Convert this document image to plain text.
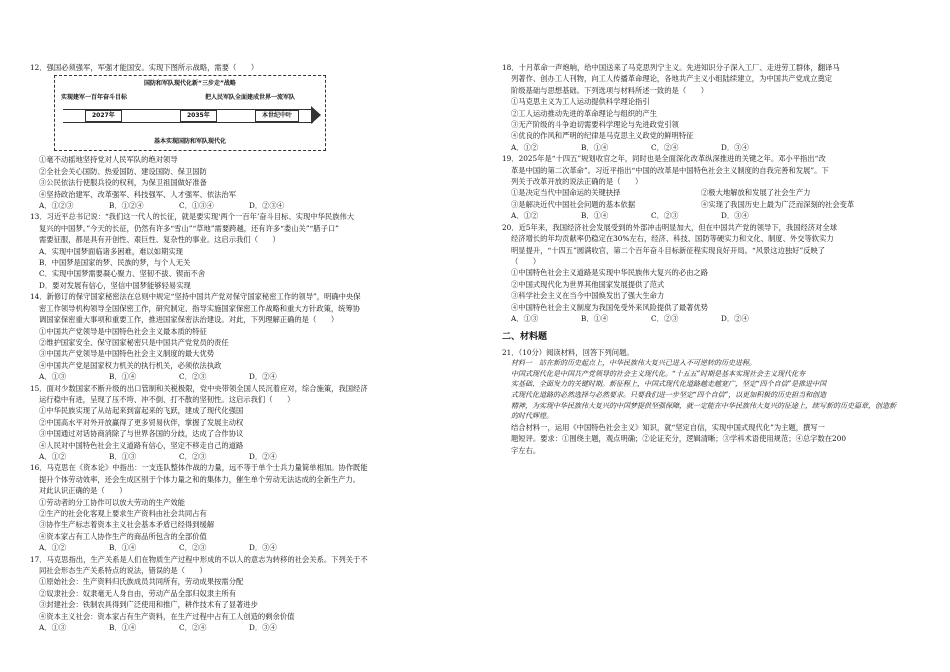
12．强国必须强军，军强才能国安。实现下图所示战略，需要（　　）
国防和军队现代化新“三步走”战略
实现建军一百年奋斗目标	把人民军队全面建成世界一流军队
2027年	2035年	本世纪中叶
基本实现国防和军队现代化
①毫不动摇地坚持党对人民军队的绝对领导
②全社会关心国防、热爱国防、建设国防、保卫国防
③公民依法行使服兵役的权利，为保卫祖国做好准备
④坚持政治建军、改革强军、科技强军、人才强军、依法治军
A．①②③	B．①②④	C．①③④	D．②③④
13．习近平总书记说：“我们这一代人的长征，就是要实现‘两个一百年’奋斗目标、实现中华民族伟大
复兴的中国梦。”今天的长征，仍然有许多“雪山”“草地”需要跨越，还有许多“娄山关”“腊子口”
需要征服，都是具有开创性、艰巨性、复杂性的事业。这启示我们（　　）
A．实现中国梦面临诸多困难，难以如期实现
B．中国梦是国家的梦、民族的梦，与个人无关
C．实现中国梦需要凝心聚力、坚韧不拔、锲而不舍
D．要对发展有信心，坚信中国梦能够轻易实现
14．新修订的保守国家秘密法在总则中规定“坚持中国共产党对保守国家秘密工作的领导”，明确中央保
密工作领导机构领导全国保密工作，研究制定、指导实施国家保密工作战略和重大方针政策，统筹协
调国家保密重大事项和重要工作，推进国家保密法治建设。对此，下列理解正确的是（　　）
①中国共产党领导是中国特色社会主义最本质的特征
②维护国家安全、保守国家秘密只是中国共产党党员的责任
③中国共产党领导是中国特色社会主义制度的最大优势
④中国共产党是国家权力机关的执行机关，必须依法执政
A．①③	B．①④	C．②③	D．②④
15．面对少数国家不断升级的出口管制和关税极限，党中央带领全国人民沉着应对，综合施策，我国经济
运行稳中有进，呈现了压不垮、冲不倒、打不散的坚韧性。这启示我们（　　）
①中华民族实现了从站起来到富起来的飞跃，建成了现代化强国
②中国高水平对外开放赢得了更多贸易伙伴，掌握了发展主动权
③中国通过对话协商消除了与世界各国的分歧，达成了合作协议
④人民对中国特色社会主义道路有信心，坚定不移走自己的道路
A．①②	B．①③	C．②③	D．②④
16．马克思在《资本论》中指出：一支连队整体作战的力量，远不等于单个士兵力量简单相加。协作既能
提升个体劳动效率，还会生成区别于个体力量之和的集体力，催生单个劳动无法达成的全新生产力。
对此认识正确的是（　　）
①劳动者的分工协作可以放大劳动的生产效能
②生产的社会化客观上要求生产资料由社会共同占有
③协作生产标志着资本主义社会基本矛盾已经得到缓解
④资本家占有工人协作生产的商品所包含的全部价值
A．①②	B．①④	C．②③	D．③④
17．马克思指出，生产关系是人们在物质生产过程中形成的不以人的意志为转移的社会关系。下列关于不
同社会形态生产关系特点的说法，错误的是（　　）
①原始社会：生产资料归氏族成员共同所有，劳动成果按需分配
②奴隶社会：奴隶毫无人身自由，劳动产品全部归奴隶主所有
③封建社会：铁制农具得到广泛使用和推广，耕作技术有了显著进步
④资本主义社会：资本家占有生产资料，在生产过程中占有工人创造的剩余价值
A．①③	B．①④	C．②④	D．③④
18．十月革命一声炮响，给中国送来了马克思列宁主义。先进知识分子深入工厂、走进劳工群体，翻译马
列著作、创办工人刊物，向工人传播革命理论，各地共产主义小组陆续建立，为中国共产党成立奠定
阶级基础与思想基础。下列选项与材料所述一致的是（　　）
①马克思主义为工人运动提供科学理论指引
②工人运动推动先进的革命理论与组织的产生
③无产阶级的斗争迫切需要科学理论与先进政党引领
④优良的作风和严明的纪律是马克思主义政党的鲜明特征
A．①②	B．①④	C．②④	D．③④
19．2025年是“十四五”规划收官之年，同时也是全面深化改革纵深推进的关键之年。邓小平指出“改
革是中国的第二次革命”。习近平指出“中国的改革是中国特色社会主义制度的自我完善和发展”。下
列关于改革开放的说法正确的是（　　）
①是决定当代中国命运的关键抉择	②极大地解放和发展了社会生产力
③是解决近代中国社会问题的基本依据	④实现了我国历史上最为广泛而深刻的社会变革
A．①②	B．①④	C．②③	D．③④
20．近5年来，我国经济社会发展受到的外部冲击明显加大，但在中国共产党的领导下，我国经济对全球
经济增长的年均贡献率仍稳定在30%左右，经济、科技、国防等硬实力和文化、制度、外交等软实力
明显提升，“十四五”圆满收官，第二个百年奋斗目标新征程实现良好开局。“风景这边独好”反映了
（　　）
①中国特色社会主义道路是实现中华民族伟大复兴的必由之路
②中国式现代化为世界其他国家发展提供了范式
③科学社会主义在当今中国焕发出了强大生命力
④中国特色社会主义制度为我国免受外来风险提供了最著优势
A．①③	B．①④	C．②③	D．②④
二、材料题
21．（10分）阅读材料，回答下列问题。
材料一　站在新的历史起点上，中华民族伟大复兴已进入不可逆转的历史进程。
中国式现代化是中国共产党领导的社会主义现代化。“十五五”时期是基本实现社会主义现代化夯
实基础、全面发力的关键时期。新征程上，中国式现代化道路越走越宽广，坚定“四个自信”是推进中国
式现代化道路的必然选择与必然要求。只要我们进一步坚定“四个自信”，以更加积极的历史担当和创造
精神，为实现中华民族伟大复兴的中国梦提供坚强保障，就一定能在中华民族伟大复兴的征途上，续写新的历史篇章，创造新
的时代辉煌。
结合材料一，运用《中国特色社会主义》知识，就“坚定自信，实现中国式现代化”为主题，撰写一
题短评。要求：①围绕主题，观点明确；②论证充分，逻辑清晰；③学科术语使用规范；④总字数在200
字左右。
